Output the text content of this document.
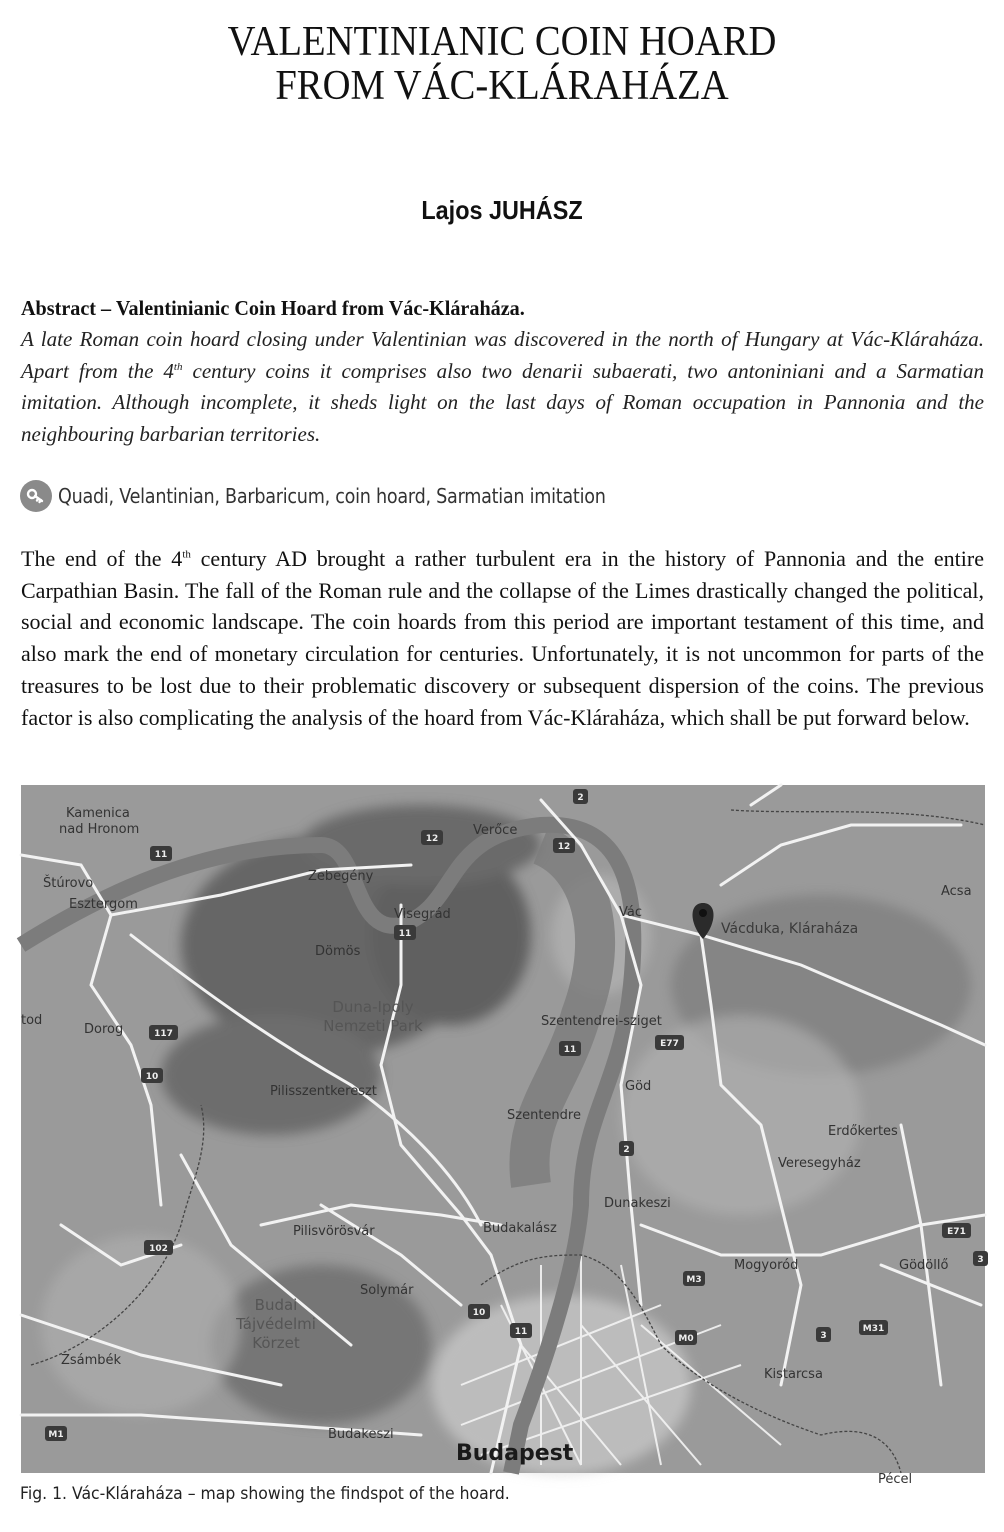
VALENTINIANIC COIN HOARD
FROM VÁC-KLÁRAHÁZA
Lajos JUHÁSZ
Abstract – Valentinianic Coin Hoard from Vác-Kláraháza.
A late Roman coin hoard closing under Valentinian was discovered in the north of Hungary at Vác-Kláraháza. Apart from the 4th century coins it comprises also two denarii subaerati, two antoniniani and a Sarmatian imitation. Although incomplete, it sheds light on the last days of Roman occupation in Pannonia and the neighbouring barbarian territories.
Quadi, Velantinian, Barbaricum, coin hoard, Sarmatian imitation
The end of the 4th century AD brought a rather turbulent era in the history of Pannonia and the entire Carpathian Basin. The fall of the Roman rule and the collapse of the Limes drastically changed the political, social and economic landscape. The coin hoards from this period are important testament of this time, and also mark the end of monetary circulation for centuries. Unfortunately, it is not uncommon for parts of the treasures to be lost due to their problematic discovery or subsequent dispersion of the coins. The previous factor is also complicating the analysis of the hoard from Vác-Kláraháza, which shall be put forward below.
2
12
12
11
11
11
117
10
E77
2
102
10
11
M3
M0	3
M31
E71
3
M1
Kamenica
nad Hronom
Štúrovo
Esztergom
Zebegény
Verőce
Visegrád
Dömös
Vác
Acsa
tod
Dorog
Szentendrei-sziget
Göd
Pilisszentkereszt
Szentendre
Erdőkertes
Veresegyház
Dunakeszi
Pilisvörösvár	Budakalász
Mogyoród	Gödöllő
Solymár
Zsámbék
Kistarcsa
Budakeszi
Pécel
Duna-Ipoly
Nemzeti Park
Budai
Tájvédelmi
Körzet
Budapest
Vácduka, Kláraháza
Fig. 1. Vác-Kláraháza – map showing the findspot of the hoard.
